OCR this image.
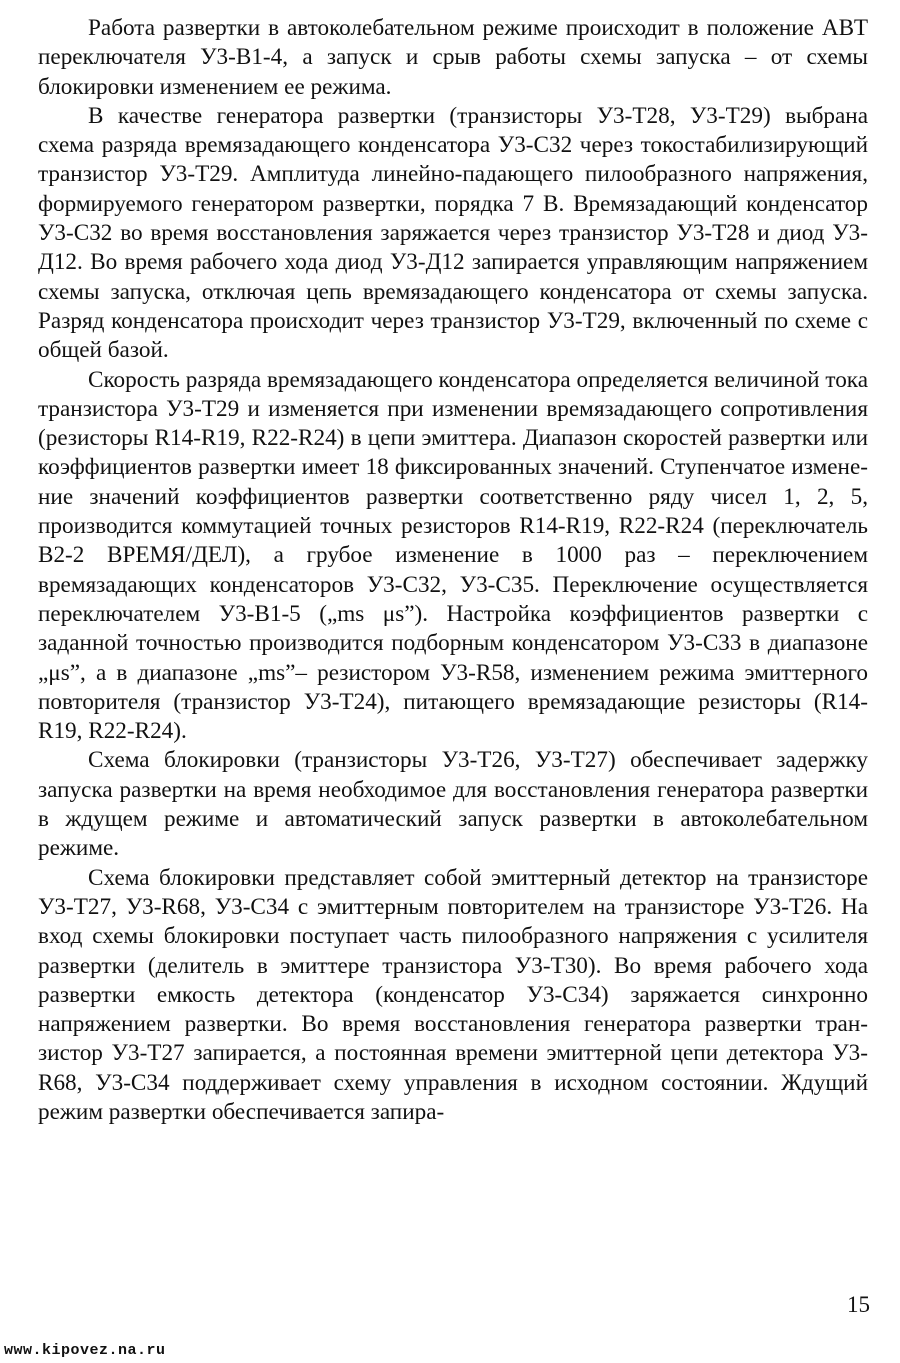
Работа развертки в автоколебательном режиме происходит в положение АВТ переключателя У3-В1-4, а запуск и срыв работы схемы запуска – от схемы блокировки изменением ее режима.

В качестве генератора развертки (транзисторы У3-Т28, У3-Т29) выбрана схема разряда времязадающего конденсатора У3-С32 через токостабилизирующий транзистор У3-Т29. Амплитуда линейно-падающего пилообразного напряжения, формируемого генератором развертки, порядка 7 В. Времязадающий конденсатор У3-С32 во время восстановления заряжается через транзистор У3-Т28 и диод У3-Д12. Во время рабочего хода диод У3-Д12 запирается управляющим напряжением схемы запуска, отключая цепь времязадающего конденсатора от схемы запуска. Разряд конденсатора происходит через транзистор У3-Т29, включенный по схеме с общей базой.

Скорость разряда времязадающего конденсатора определяется величиной тока транзистора У3-Т29 и изменяется при изменении времязадающего сопротивления (резисторы R14-R19, R22-R24) в цепи эмиттера. Диапазон скоростей развертки или коэффициентов развертки имеет 18 фиксированных значений. Ступенчатое изменение значений коэффициентов развертки соответственно ряду чисел 1, 2, 5, производится коммутацией точных резисторов R14-R19, R22-R24 (переключатель В2-2 ВРЕМЯ/ДЕЛ), а грубое изменение в 1000 раз – переключением времязадающих конденсаторов У3-С32, У3-С35. Переключение осуществляется переключателем У3-В1-5 („ms μs”). Настройка коэффициентов развертки с заданной точностью производится подборным конденсатором У3-С33 в диапазоне „μs”, а в диапазоне „ms”– резистором У3-R58, изменением режима эмиттерного повторителя (транзистор У3-Т24), питающего времязадающие резисторы (R14-R19, R22-R24).

Схема блокировки (транзисторы У3-Т26, У3-Т27) обеспечивает задержку запуска развертки на время необходимое для восстановления генератора развертки в ждущем режиме и автоматический запуск развертки в автоколебательном режиме.

Схема блокировки представляет собой эмиттерный детектор на транзисторе У3-Т27, У3-R68, У3-С34 с эмиттерным повторителем на транзисторе У3-Т26. На вход схемы блокировки поступает часть пилообразного напряжения с усилителя развертки (делитель в эмиттере транзистора У3-Т30). Во время рабочего хода развертки емкость детектора (конденсатор У3-С34) заряжается синхронно напряжением развертки. Во время восстановления генератора развертки транзистор У3-Т27 запирается, а постоянная времени эмиттерной цепи детектора У3-R68, У3-С34 поддерживает схему управления в исходном состоянии. Ждущий режим развертки обеспечивается запира-

15
www.kipovez.na.ru
